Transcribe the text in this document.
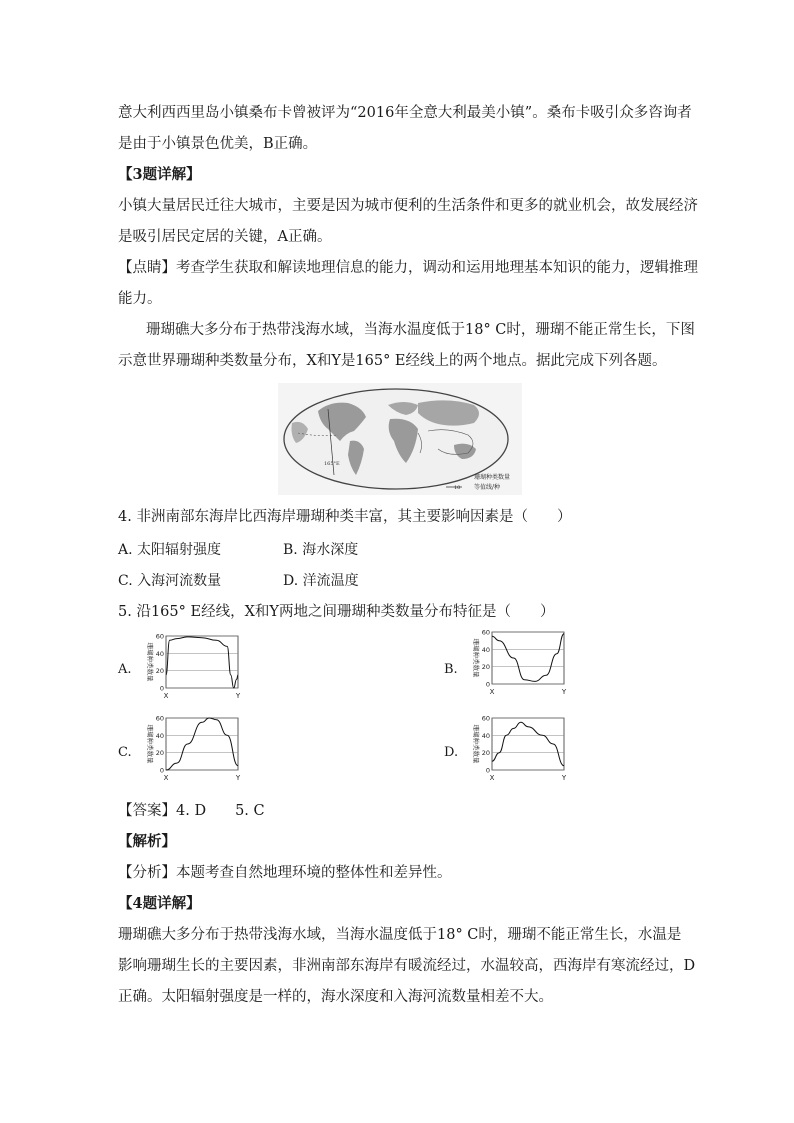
意大利西西里岛小镇桑布卡曾被评为“2016年全意大利最美小镇”。桑布卡吸引众多咨询者
是由于小镇景色优美，B正确。
【3题详解】
小镇大量居民迁往大城市，主要是因为城市便利的生活条件和更多的就业机会，故发展经济
是吸引居民定居的关键，A正确。
【点睛】考查学生获取和解读地理信息的能力，调动和运用地理基本知识的能力，逻辑推理
能力。
珊瑚礁大多分布于热带浅海水域，当海水温度低于18° C时，珊瑚不能正常生长，下图
示意世界珊瑚种类数量分布，X和Y是165° E经线上的两个地点。据此完成下列各题。
165°E
珊瑚种类数量
10 等值线/种
4. 非洲南部东海岸比西海岸珊瑚种类丰富，其主要影响因素是（　　）
A. 太阳辐射强度	B. 海水深度
C. 入海河流数量	D. 洋流温度
5. 沿165° E经线，X和Y两地之间珊瑚种类数量分布特征是（　　）
A.	B.
C.	D.
60
40
20
0
珊瑚种类数量
X	Y
60
40
20
0
珊瑚种类数量
X	Y
60
40
20
0
珊瑚种类数量
X	Y
60
40
20
0
珊瑚种类数量
X	Y
【答案】4. D　　5. C
【解析】
【分析】本题考查自然地理环境的整体性和差异性。
【4题详解】
珊瑚礁大多分布于热带浅海水域，当海水温度低于18° C时，珊瑚不能正常生长，水温是
影响珊瑚生长的主要因素，非洲南部东海岸有暖流经过，水温较高，西海岸有寒流经过，D
正确。太阳辐射强度是一样的，海水深度和入海河流数量相差不大。
